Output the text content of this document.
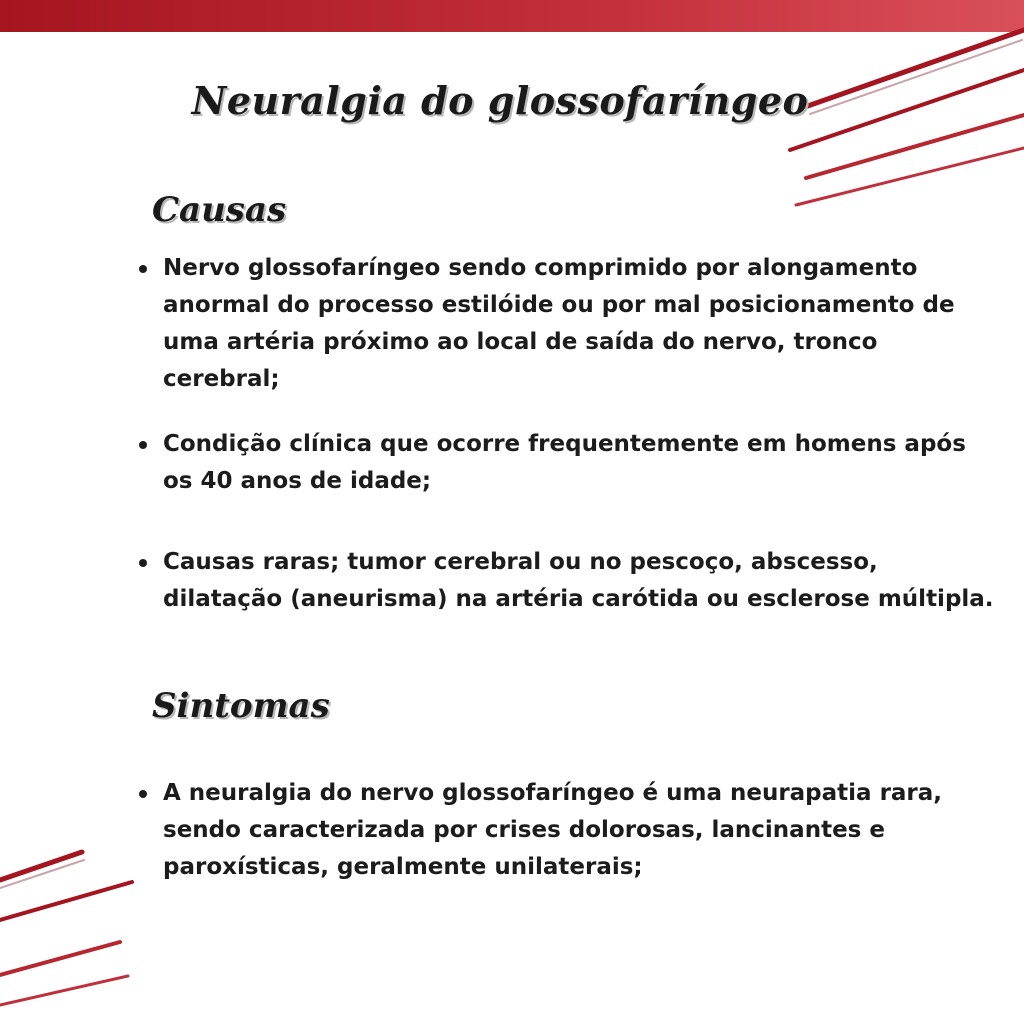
Neuralgia do glossofaríngeo
Causas
Nervo glossofaríngeo sendo comprimido por alongamento anormal do processo estilóide ou por mal posicionamento de uma artéria próximo ao local de saída do nervo, tronco cerebral;
Condição clínica que ocorre frequentemente em homens após os 40 anos de idade;
Causas raras; tumor cerebral ou no pescoço, abscesso, dilatação (aneurisma) na artéria carótida ou esclerose múltipla.
Sintomas
A neuralgia do nervo glossofaríngeo é uma neurapatia rara, sendo caracterizada por crises dolorosas, lancinantes e paroxísticas, geralmente unilaterais;
